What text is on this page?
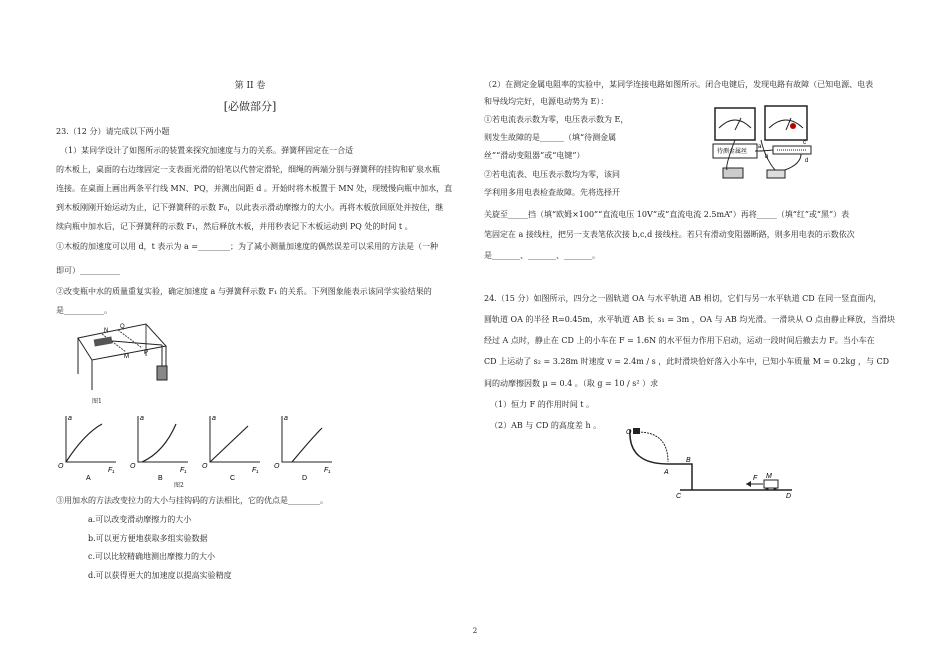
第 II 卷
[必做部分]
23.（12 分）请完成以下两小题
（1）某同学设计了如图所示的装置来探究加速度与力的关系。弹簧秤固定在一合适
的木板上，桌面的右边缘固定一支表面光滑的铅笔以代替定滑轮，细绳的两端分别与弹簧秤的挂钩和矿泉水瓶
连接。在桌面上画出两条平行线 MN、PQ，并测出间距 d 。开始时将木板置于 MN 处，现缓慢向瓶中加水，直
到木板刚刚开始运动为止，记下弹簧秤的示数 F₀，以此表示滑动摩擦力的大小。再将木板放回原处并按住，继
续向瓶中加水后，记下弹簧秤的示数 F₁，然后释放木板，并用秒表记下木板运动到 PQ 处的时间 t 。
①木板的加速度可以用 d，t 表示为 a =________；为了减小测量加速度的偶然误差可以采用的方法是（一种
即可）__________
②改变瓶中水的质量重复实验，确定加速度 a 与弹簧秤示数 F₁ 的关系。下列图象能表示该同学实验结果的
是__________。
N
Q
M
P
图1
a
O
F₁
A
a
O
F₁
B
a
O
F₁
C
a
O
F₁
D
图2
③用加水的方法改变拉力的大小与挂钩码的方法相比，它的优点是________。
a.可以改变滑动摩擦力的大小
b.可以更方便地获取多组实验数据
c.可以比较精确地测出摩擦力的大小
d.可以获得更大的加速度以提高实验精度
（2）在测定金属电阻率的实验中，某同学连接电路如图所示。闭合电键后，发现电路有故障（已知电源、电表
和导线均完好，电源电动势为 E）：
①若电流表示数为零，电压表示数为 E，
则发生故障的是______（填“待测金属
丝”“滑动变阻器”或“电键”）
②若电流表、电压表示数均为零，该同
学利用多用电表检查故障。先将选择开
关旋至_____挡（填“欧姆×100”“直流电压 10V”或“直流电流 2.5mA”）再将_____（填“红”或“黑”）表
笔固定在 a 接线柱，把另一支表笔依次接 b,c,d 接线柱。若只有滑动变阻器断路，则多用电表的示数依次
是_______、_______、_______。
待测金属丝
a
b
c
d
24.（15 分）如图所示，四分之一圆轨道 OA 与水平轨道 AB 相切，它们与另一水平轨道 CD 在同一竖直面内，
圆轨道 OA 的半径 R=0.45m，水平轨道 AB 长 s₁ = 3m ，OA 与 AB 均光滑。一滑块从 O 点由静止释放，当滑块
经过 A 点时，静止在 CD 上的小车在 F = 1.6N 的水平恒力作用下启动，运动一段时间后撤去力 F。当小车在
CD 上运动了 s₂ = 3.28m 时速度 v = 2.4m / s ，此时滑块恰好落入小车中，已知小车质量 M = 0.2kg ，与 CD
间的动摩擦因数 μ = 0.4 。（取 g = 10 / s² ）求
（1）恒力 F 的作用时间 t 。
（2）AB 与 CD 的高度差 h 。
O
A
B
C	D
M
F
2
